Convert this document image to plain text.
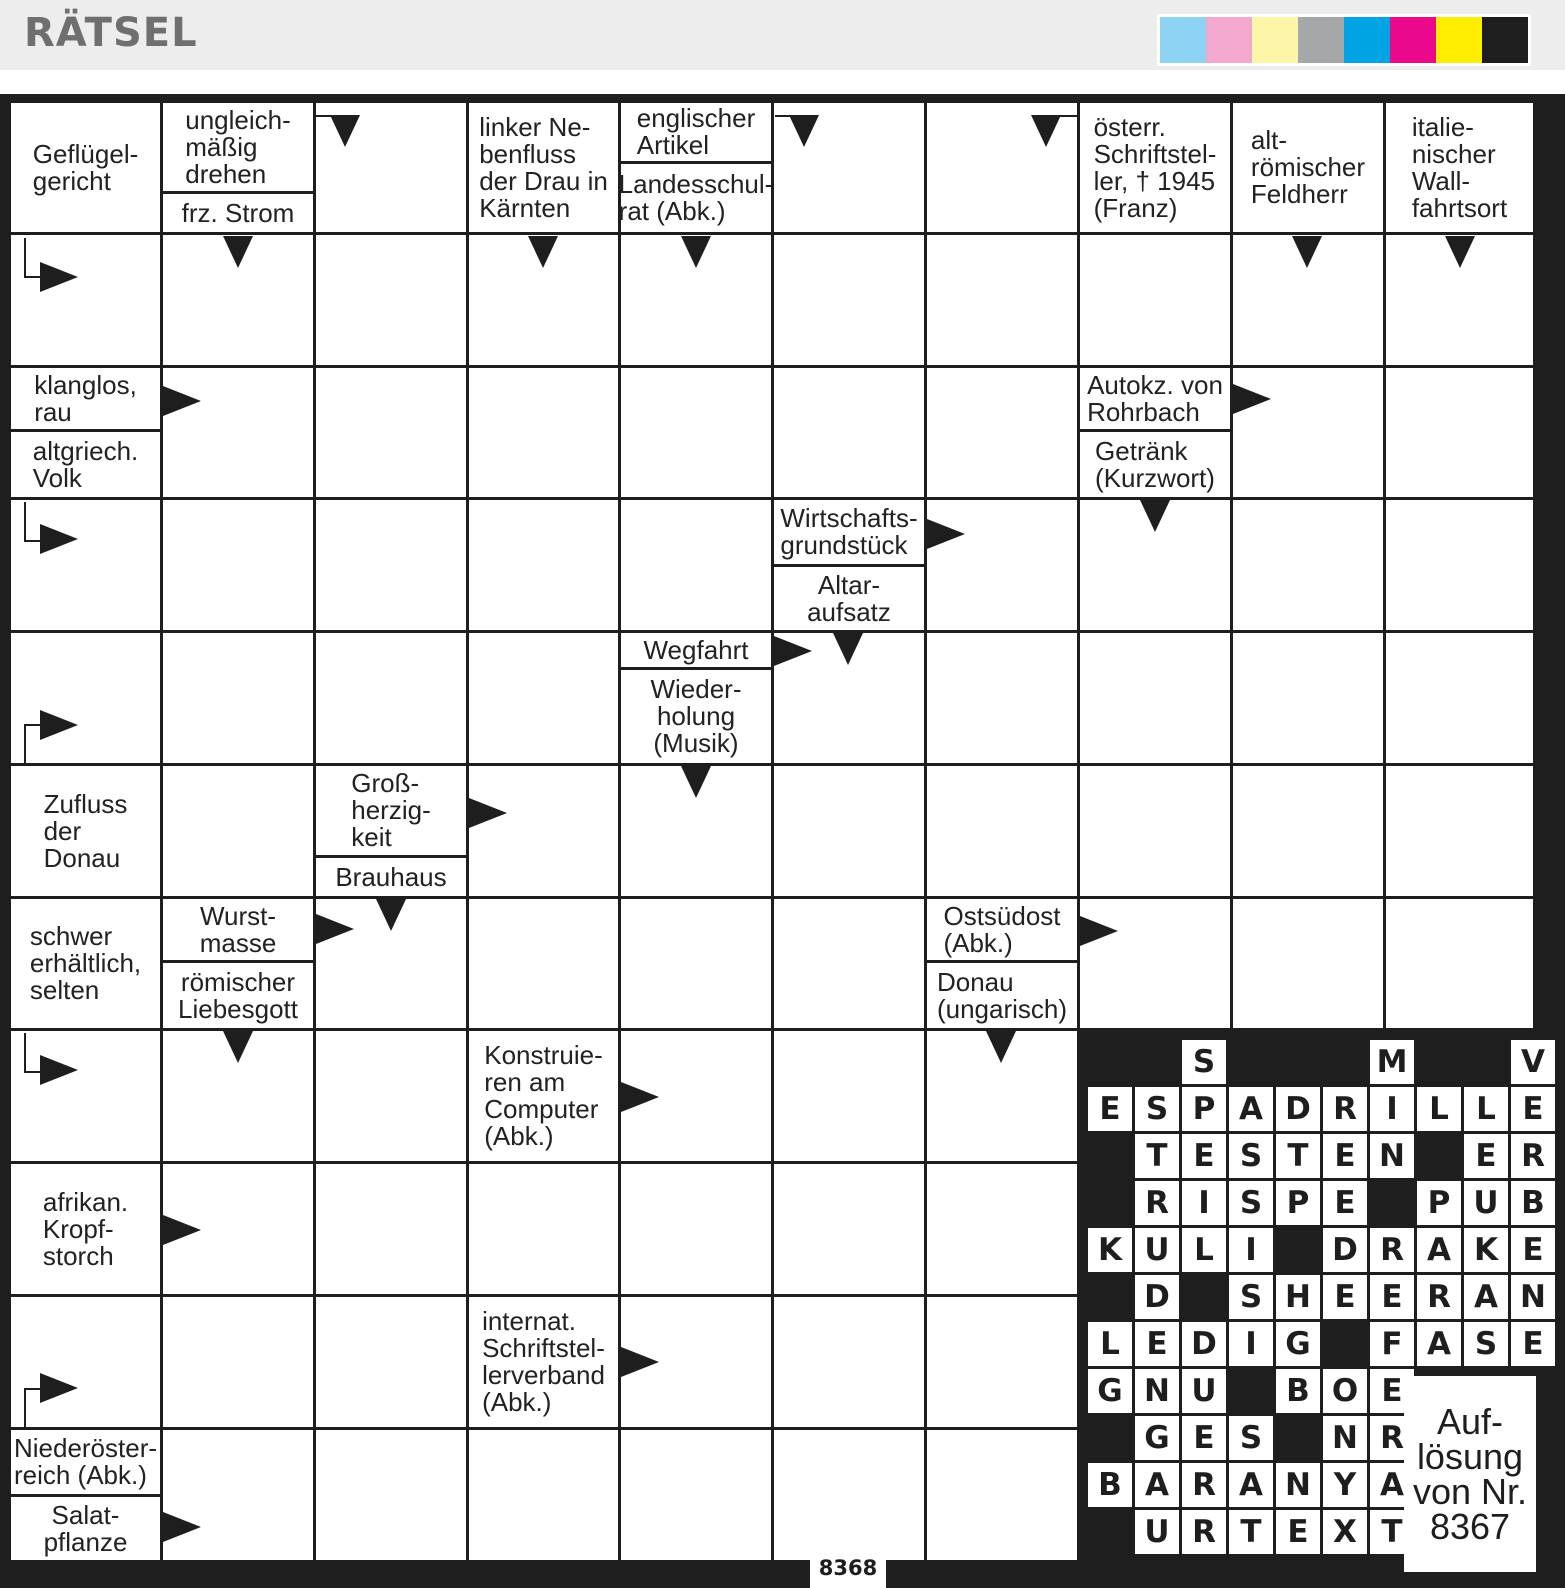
RÄTSEL
Geflügel-
gericht
ungleich-
mäßig
drehen
frz. Strom
linker Ne-
benfluss
der Drau in
Kärnten
englischer
Artikel
Landesschul-
rat (Abk.)
österr.
Schriftstel-
ler, † 1945
(Franz)
alt-
römischer
Feldherr
italie-
nischer
Wall-
fahrtsort
klanglos,
rau
altgriech.
Volk
Autokz. von
Rohrbach
Getränk
(Kurzwort)
Wirtschafts-
grundstück
Altar-
aufsatz
Wegfahrt
Wieder-
holung
(Musik)
Zufluss
der
Donau
Groß-
herzig-
keit
Brauhaus
schwer
erhältlich,
selten
Wurst-
masse
römischer
Liebesgott
Ostsüdost
(Abk.)
Donau
(ungarisch)
Konstruie-
ren am
Computer
(Abk.)
afrikan.
Kropf-
storch
internat.
Schriftstel-
lerverband
(Abk.)
Niederöster-
reich (Abk.)
Salat-
pflanze
S	M	V
E S P A D R I	L L E
T E S T E N	E R
R I S P E	P U B
K U L	I	D R A K E
D	S H E E R A N
L E D I G	F A S E
G N U	B O E
G E S	N R
B A R A N Y A
U R T E X T
Auf-
lösung
von Nr.
8367
8368
